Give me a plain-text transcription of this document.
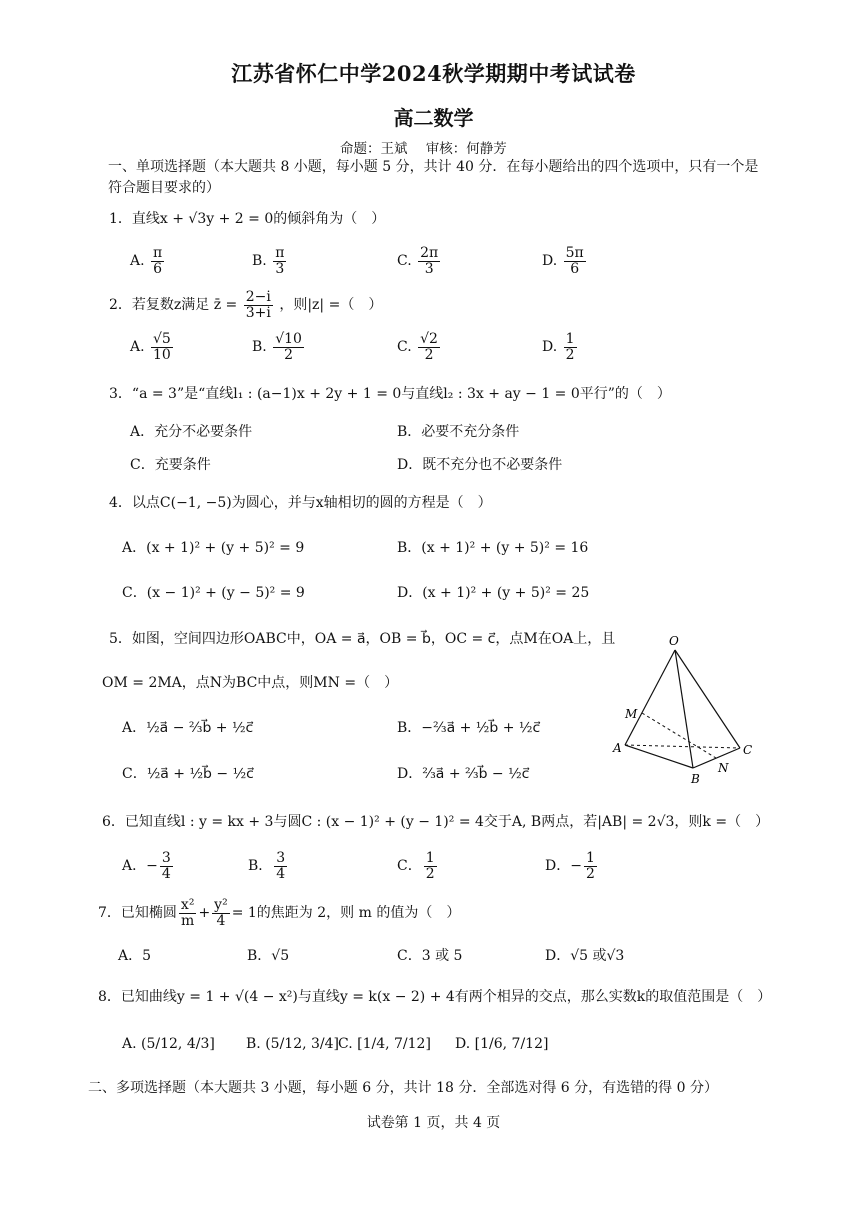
江苏省怀仁中学2024秋学期期中考试试卷
高二数学
命题：王斌 审核：何静芳
一、单项选择题（本大题共 8 小题，每小题 5 分，共计 40 分．在每小题给出的四个选项中，只有一个是
符合题目要求的）
1．直线x + √3y + 2 = 0的倾斜角为（　）
A. $\frac{\pi}{6}$	B. $\frac{\pi}{3}$	C. $\frac{2\pi}{3}$	D. $\frac{5\pi}{6}$
2．若复数z满足 z̄ = $\frac{2-i}{3+i}$ ，则|z| =（　）
A. $\frac{√5}{10}$	B. $\frac{√10}{2}$	C. $\frac{√2}{2}$	D. $\frac{1}{2}$
3．“a = 3”是“直线l₁ : (a−1)x + 2y + 1 = 0与直线l₂ : 3x + ay − 1 = 0平行”的（　）
A．充分不必要条件	B．必要不充分条件
C．充要条件	D．既不充分也不必要条件
4．以点C(−1, −5)为圆心，并与x轴相切的圆的方程是（　）
A．(x + 1)² + (y + 5)² = 9	B．(x + 1)² + (y + 5)² = 16
C．(x − 1)² + (y − 5)² = 9	D．(x + 1)² + (y + 5)² = 25
5．如图，空间四边形OABC中，OA = a⃗，OB = b⃗，OC = c⃗，点M在OA上，且
OM = 2MA，点N为BC中点，则MN =（　）
A．½a⃗ − ⅔b⃗ + ½c⃗	B．−⅔a⃗ + ½b⃗ + ½c⃗
C．½a⃗ + ½b⃗ − ½c⃗	D．⅔a⃗ + ⅔b⃗ − ½c⃗
O
M
A
B
C
N
6．已知直线l : y = kx + 3与圆C : (x − 1)² + (y − 1)² = 4交于A, B两点，若|AB| = 2√3，则k =（　）
A．− $\frac{3}{4}$	B． $\frac{3}{4}$	C． $\frac{1}{2}$	D．− $\frac{1}{2}$
7．已知椭圆 $\frac{\text{x²}}{m} + \frac{\text{y²}}{4} = 1$的焦距为 2，则 m 的值为（　）
A．5	B．√5	C．3 或 5	D．√5 或√3
8．已知曲线y = 1 + √(4 − x²)与直线y = k(x − 2) + 4有两个相异的交点，那么实数k的取值范围是（　）
A. (5/12, 4/3] B. (5/12, 3/4] C. [1/4, 7/12] D. [1/6, 7/12]
二、多项选择题（本大题共 3 小题，每小题 6 分，共计 18 分．全部选对得 6 分，有选错的得 0 分）
试卷第 1 页，共 4 页
